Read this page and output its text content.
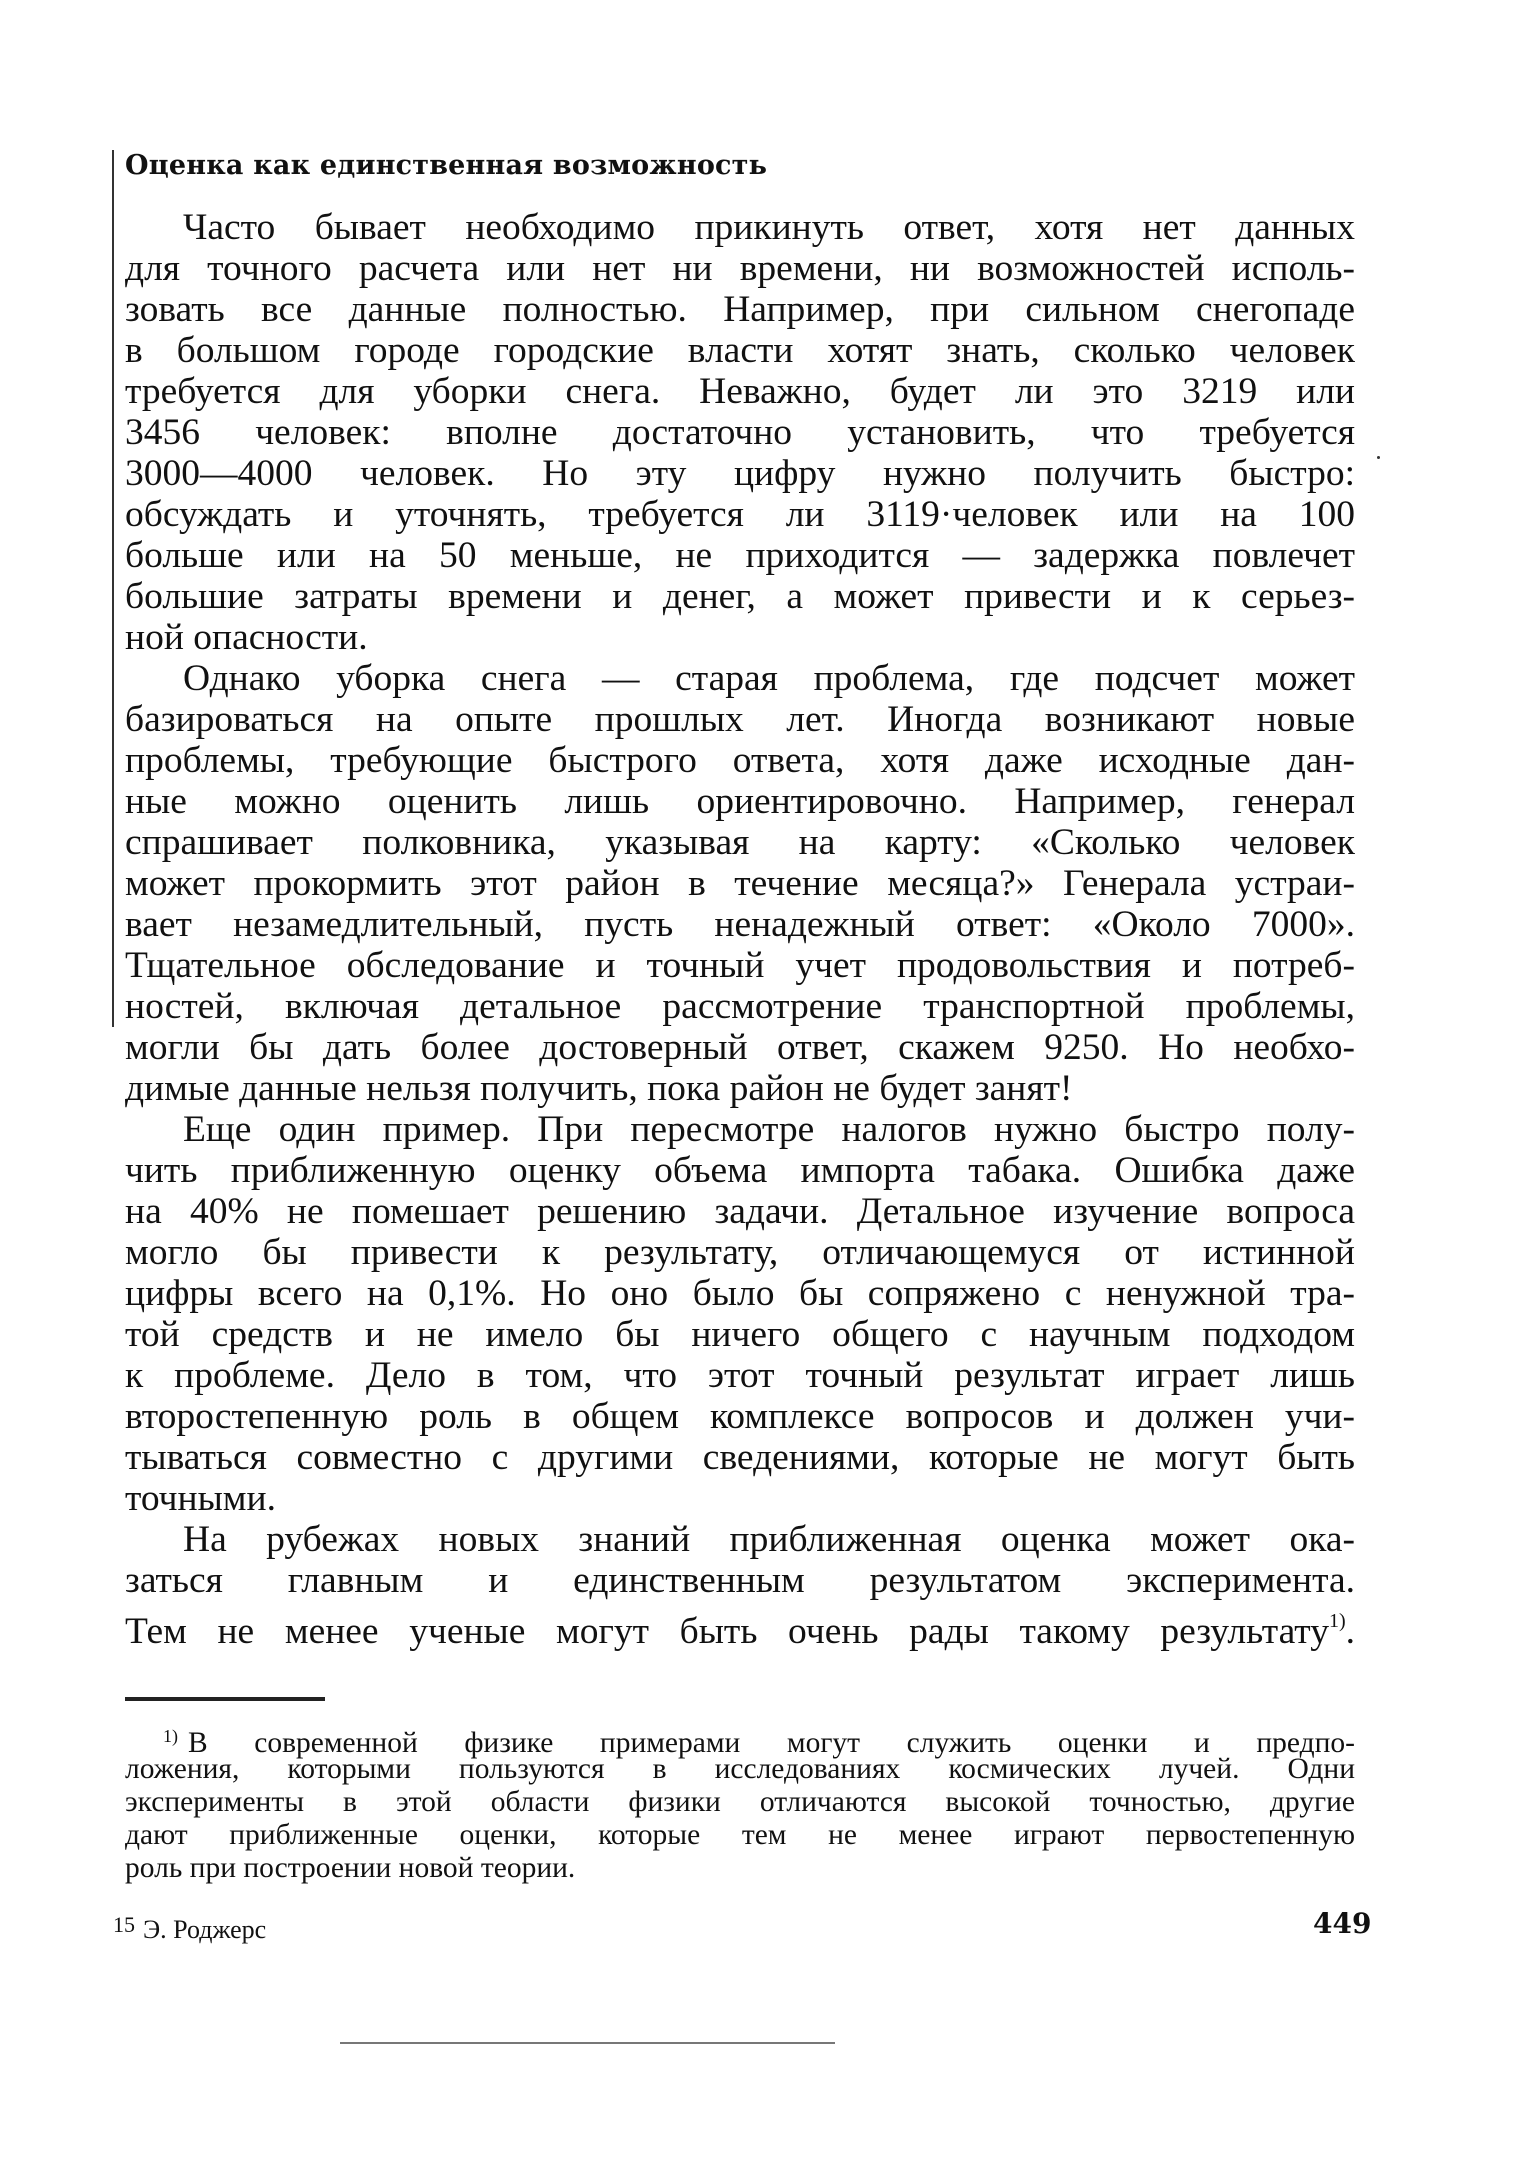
Оценка как единственная возможность
Часто бывает необходимо прикинуть ответ, хотя нет данных
для точного расчета или нет ни времени, ни возможностей исполь-
зовать все данные полностью. Например, при сильном снегопаде
в большом городе городские власти хотят знать, сколько человек
требуется для уборки снега. Неважно, будет ли это 3219 или
3456 человек: вполне достаточно установить, что требуется
3000—4000 человек. Но эту цифру нужно получить быстро:
обсуждать и уточнять, требуется ли 3119·человек или на 100
больше или на 50 меньше, не приходится — задержка повлечет
большие затраты времени и денег, а может привести и к серьез-
ной опасности.
Однако уборка снега — старая проблема, где подсчет может
базироваться на опыте прошлых лет. Иногда возникают новые
проблемы, требующие быстрого ответа, хотя даже исходные дан-
ные можно оценить лишь ориентировочно. Например, генерал
спрашивает полковника, указывая на карту: «Сколько человек
может прокормить этот район в течение месяца?» Генерала устраи-
вает незамедлительный, пусть ненадежный ответ: «Около 7000».
Тщательное обследование и точный учет продовольствия и потреб-
ностей, включая детальное рассмотрение транспортной проблемы,
могли бы дать более достоверный ответ, скажем 9250. Но необхо-
димые данные нельзя получить, пока район не будет занят!
Еще один пример. При пересмотре налогов нужно быстро полу-
чить приближенную оценку объема импорта табака. Ошибка даже
на 40% не помешает решению задачи. Детальное изучение вопроса
могло бы привести к результату, отличающемуся от истинной
цифры всего на 0,1%. Но оно было бы сопряжено с ненужной тра-
той средств и не имело бы ничего общего с научным подходом
к проблеме. Дело в том, что этот точный результат играет лишь
второстепенную роль в общем комплексе вопросов и должен учи-
тываться совместно с другими сведениями, которые не могут быть
точными.
На рубежах новых знаний приближенная оценка может ока-
заться главным и единственным результатом эксперимента.
Тем не менее ученые могут быть очень рады такому результату$^{1)}$.
$^{1)}$ В современной физике примерами могут служить оценки и предпо-
ложения, которыми пользуются в исследованиях космических лучей. Одни
эксперименты в этой области физики отличаются высокой точностью, другие
дают приближенные оценки, которые тем не менее играют первостепенную
роль при построении новой теории.
$^{15}$ Э. Роджерс	449
